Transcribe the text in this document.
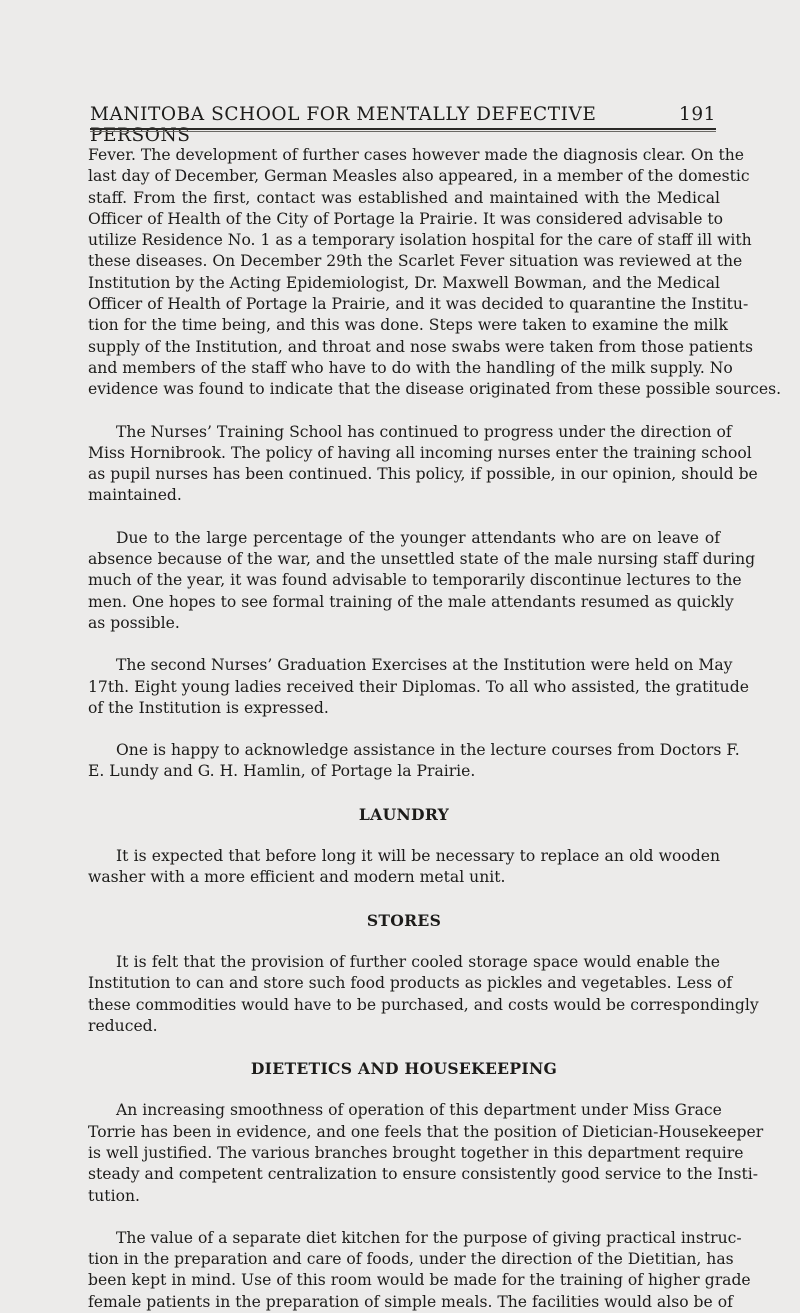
MANITOBA SCHOOL FOR MENTALLY DEFECTIVE PERSONS
191
Fever. The development of further cases however made the diagnosis clear. On the
last day of December, German Measles also appeared, in a member of the domestic
staff. From the first, contact was established and maintained with the Medical
Officer of Health of the City of Portage la Prairie. It was considered advisable to
utilize Residence No. 1 as a temporary isolation hospital for the care of staff ill with
these diseases. On December 29th the Scarlet Fever situation was reviewed at the
Institution by the Acting Epidemiologist, Dr. Maxwell Bowman, and the Medical
Officer of Health of Portage la Prairie, and it was decided to quarantine the Institu-
tion for the time being, and this was done. Steps were taken to examine the milk
supply of the Institution, and throat and nose swabs were taken from those patients
and members of the staff who have to do with the handling of the milk supply. No
evidence was found to indicate that the disease originated from these possible sources.
The Nurses’ Training School has continued to progress under the direction of
Miss Hornibrook. The policy of having all incoming nurses enter the training school
as pupil nurses has been continued. This policy, if possible, in our opinion, should be
maintained.
Due to the large percentage of the younger attendants who are on leave of
absence because of the war, and the unsettled state of the male nursing staff during
much of the year, it was found advisable to temporarily discontinue lectures to the
men. One hopes to see formal training of the male attendants resumed as quickly
as possible.
The second Nurses’ Graduation Exercises at the Institution were held on May
17th. Eight young ladies received their Diplomas. To all who assisted, the gratitude
of the Institution is expressed.
One is happy to acknowledge assistance in the lecture courses from Doctors F.
E. Lundy and G. H. Hamlin, of Portage la Prairie.
LAUNDRY
It is expected that before long it will be necessary to replace an old wooden
washer with a more efficient and modern metal unit.
STORES
It is felt that the provision of further cooled storage space would enable the
Institution to can and store such food products as pickles and vegetables. Less of
these commodities would have to be purchased, and costs would be correspondingly
reduced.
DIETETICS AND HOUSEKEEPING
An increasing smoothness of operation of this department under Miss Grace
Torrie has been in evidence, and one feels that the position of Dietician-Housekeeper
is well justified. The various branches brought together in this department require
steady and competent centralization to ensure consistently good service to the Insti-
tution.
The value of a separate diet kitchen for the purpose of giving practical instruc-
tion in the preparation and care of foods, under the direction of the Dietitian, has
been kept in mind. Use of this room would be made for the training of higher grade
female patients in the preparation of simple meals. The facilities would also be of
